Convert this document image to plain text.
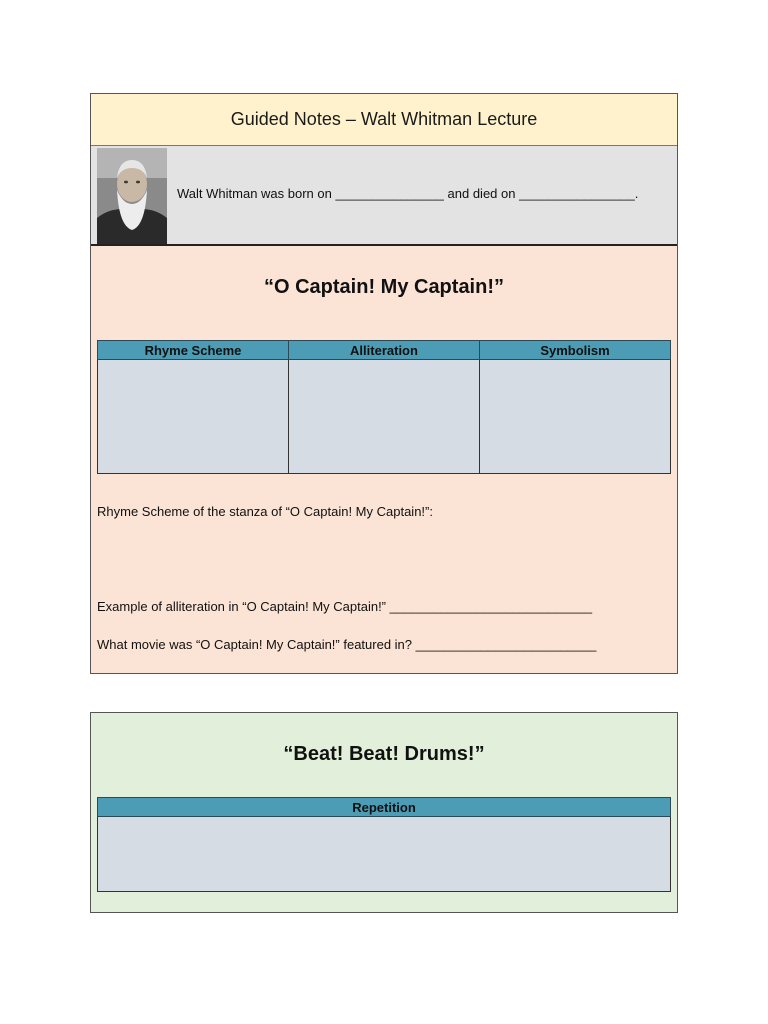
Guided Notes – Walt Whitman Lecture
Walt Whitman was born on _______________ and died on ________________.
“O Captain! My Captain!”
Rhyme Scheme	Alliteration	Symbolism

Rhyme Scheme of the stanza of “O Captain! My Captain!”:
Example of alliteration in “O Captain! My Captain!” ____________________________
What movie was “O Captain! My Captain!” featured in? _________________________
“Beat! Beat! Drums!”
Repetition
